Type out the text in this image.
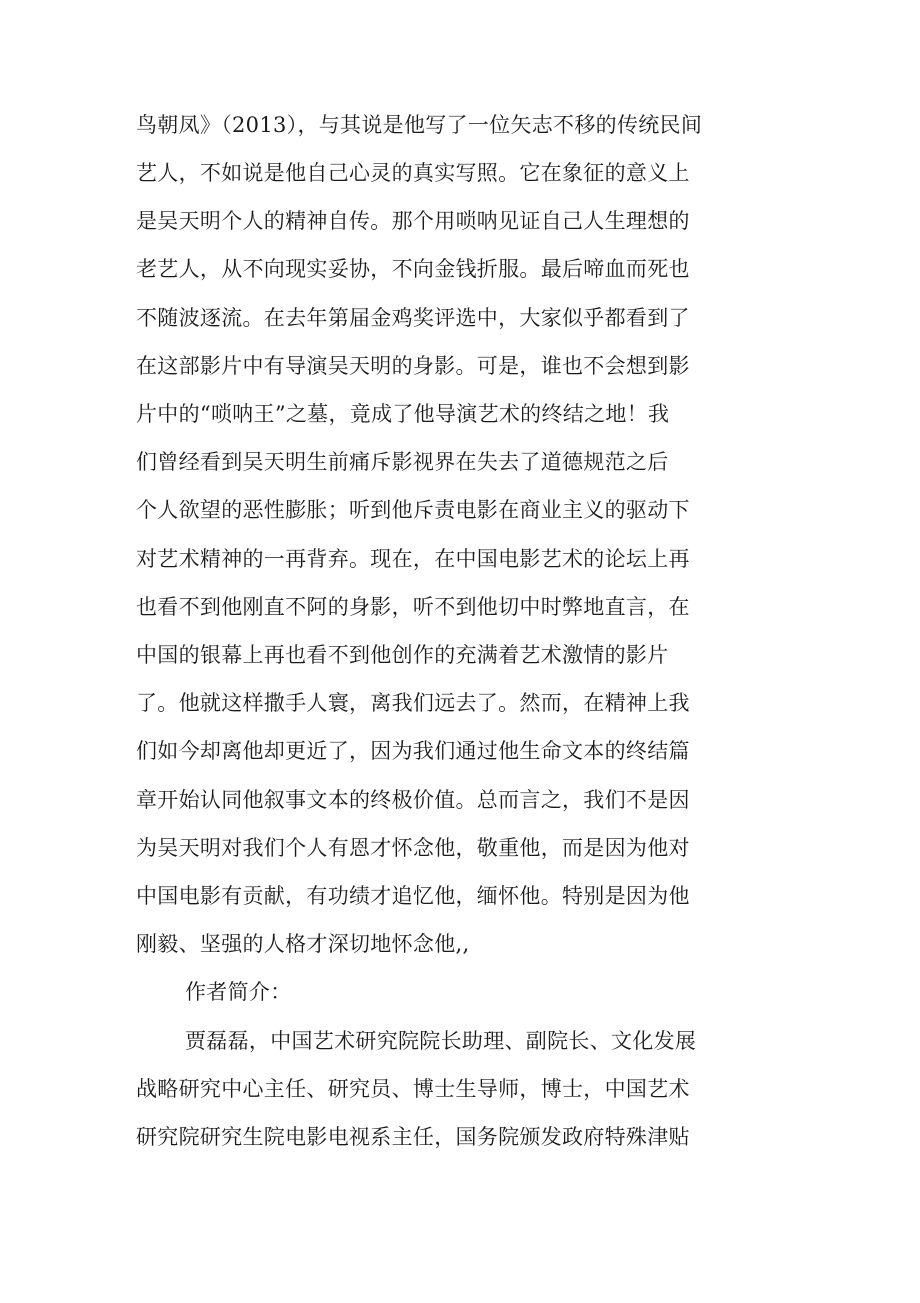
鸟朝凤》（2013），与其说是他写了一位矢志不移的传统民间
艺人，不如说是他自己心灵的真实写照。它在象征的意义上
是吴天明个人的精神自传。那个用唢呐见证自己人生理想的
老艺人，从不向现实妥协，不向金钱折服。最后啼血而死也
不随波逐流。在去年第届金鸡奖评选中，大家似乎都看到了
在这部影片中有导演吴天明的身影。可是，谁也不会想到影
片中的“唢呐王”之墓，竟成了他导演艺术的终结之地！我
们曾经看到吴天明生前痛斥影视界在失去了道德规范之后
个人欲望的恶性膨胀；听到他斥责电影在商业主义的驱动下
对艺术精神的一再背弃。现在，在中国电影艺术的论坛上再
也看不到他刚直不阿的身影，听不到他切中时弊地直言，在
中国的银幕上再也看不到他创作的充满着艺术激情的影片
了。他就这样撒手人寰，离我们远去了。然而，在精神上我
们如今却离他却更近了，因为我们通过他生命文本的终结篇
章开始认同他叙事文本的终极价值。总而言之，我们不是因
为吴天明对我们个人有恩才怀念他，敬重他，而是因为他对
中国电影有贡献，有功绩才追忆他，缅怀他。特别是因为他
刚毅、坚强的人格才深切地怀念他,,
作者简介：
贾磊磊，中国艺术研究院院长助理、副院长、文化发展
战略研究中心主任、研究员、博士生导师，博士，中国艺术
研究院研究生院电影电视系主任，国务院颁发政府特殊津贴
